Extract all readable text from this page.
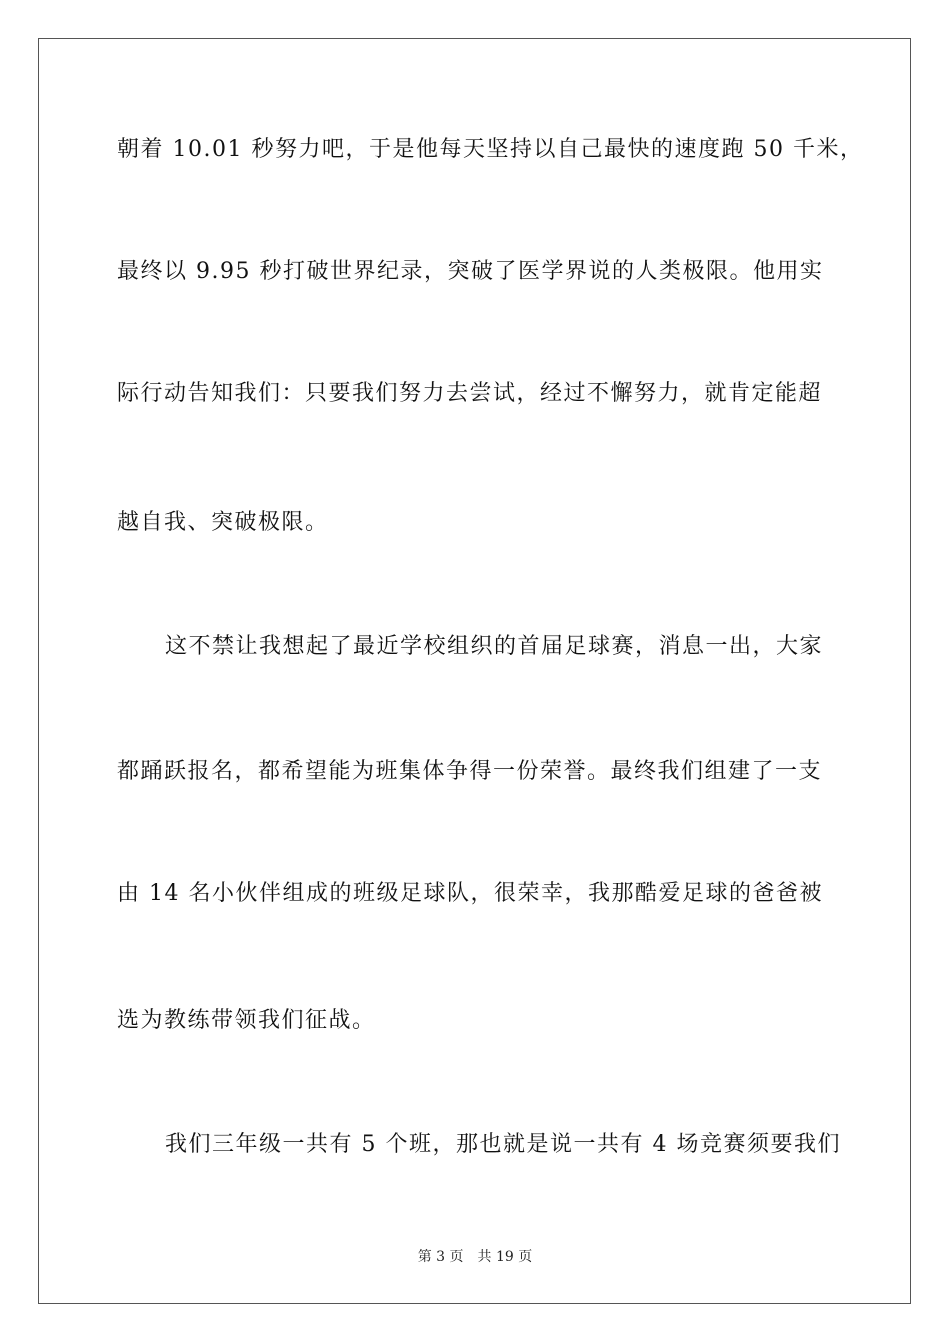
朝着 10.01 秒努力吧，于是他每天坚持以自己最快的速度跑 50 千米，
最终以 9.95 秒打破世界纪录，突破了医学界说的人类极限。他用实
际行动告知我们：只要我们努力去尝试，经过不懈努力，就肯定能超
越自我、突破极限。
这不禁让我想起了最近学校组织的首届足球赛，消息一出，大家
都踊跃报名，都希望能为班集体争得一份荣誉。最终我们组建了一支
由 14 名小伙伴组成的班级足球队，很荣幸，我那酷爱足球的爸爸被
选为教练带领我们征战。
我们三年级一共有 5 个班，那也就是说一共有 4 场竞赛须要我们
第 3 页 共 19 页
